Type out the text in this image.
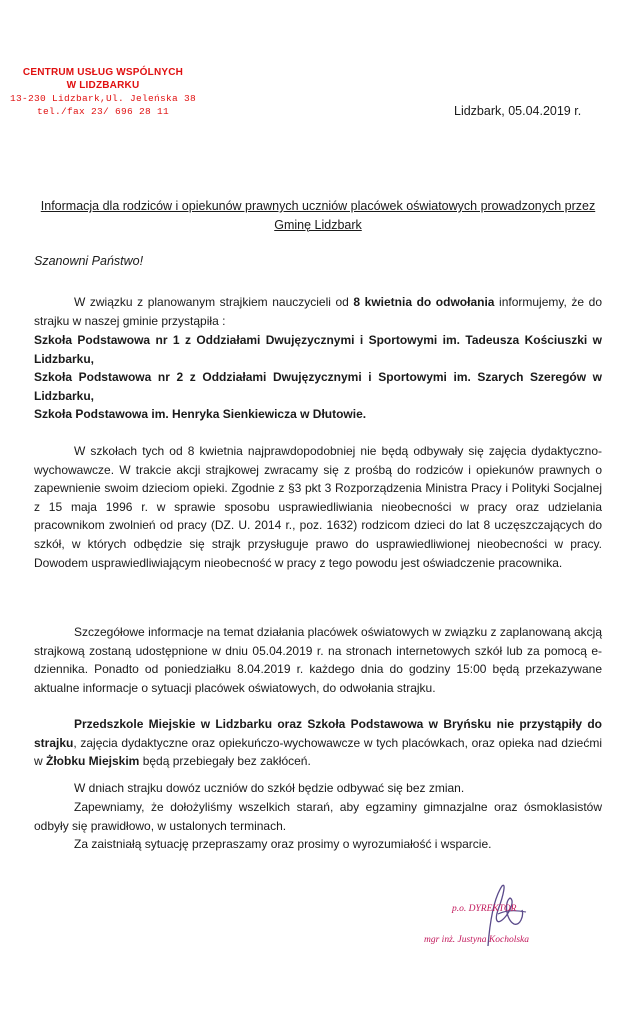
CENTRUM USŁUG WSPÓLNYCH
W LIDZBARKU
13-230 Lidzbark,Ul. Jeleńska 38
tel./fax 23/ 696 28 11	Lidzbark, 05.04.2019 r.
Informacja dla rodziców i opiekunów prawnych uczniów placówek oświatowych prowadzonych przez Gminę Lidzbark
Szanowni Państwo!
W związku z planowanym strajkiem nauczycieli od 8 kwietnia do odwołania informujemy, że do strajku w naszej gminie przystąpiła :
Szkoła Podstawowa nr 1 z Oddziałami Dwujęzycznymi i Sportowymi im. Tadeusza Kościuszki w Lidzbarku,
Szkoła Podstawowa nr 2 z Oddziałami Dwujęzycznymi i Sportowymi im. Szarych Szeregów w Lidzbarku,
Szkoła Podstawowa im. Henryka Sienkiewicza w Dłutowie.
W szkołach tych od 8 kwietnia najprawdopodobniej nie będą odbywały się zajęcia dydaktyczno-wychowawcze. W trakcie akcji strajkowej zwracamy się z prośbą do rodziców i opiekunów prawnych o zapewnienie swoim dzieciom opieki. Zgodnie z §3 pkt 3 Rozporządzenia Ministra Pracy i Polityki Socjalnej z 15 maja 1996 r. w sprawie sposobu usprawiedliwiania nieobecności w pracy oraz udzielania pracownikom zwolnień od pracy (DZ. U. 2014 r., poz. 1632) rodzicom dzieci do lat 8 uczęszczających do szkół, w których odbędzie się strajk przysługuje prawo do usprawiedliwionej nieobecności w pracy. Dowodem usprawiedliwiającym nieobecność w pracy z tego powodu jest oświadczenie pracownika.
Szczegółowe informacje na temat działania placówek oświatowych w związku z zaplanowaną akcją strajkową zostaną udostępnione w dniu 05.04.2019 r. na stronach internetowych szkół lub za pomocą e-dziennika. Ponadto od poniedziałku 8.04.2019 r. każdego dnia do godziny 15:00 będą przekazywane aktualne informacje o sytuacji placówek oświatowych, do odwołania strajku.
Przedszkole Miejskie w Lidzbarku oraz Szkoła Podstawowa w Bryńsku nie przystąpiły do strajku, zajęcia dydaktyczne oraz opiekuńczo-wychowawcze w tych placówkach, oraz opieka nad dziećmi w Żłobku Miejskim będą przebiegały bez zakłóceń.
W dniach strajku dowóz uczniów do szkół będzie odbywać się bez zmian.
Zapewniamy, że dołożyliśmy wszelkich starań, aby egzaminy gimnazjalne oraz ósmoklasistów odbyły się prawidłowo, w ustalonych terminach.
Za zaistniałą sytuację przepraszamy oraz prosimy o wyrozumiałość i wsparcie.
p.o. DYREKTOR
mgr inż. Justyna Kocholska
